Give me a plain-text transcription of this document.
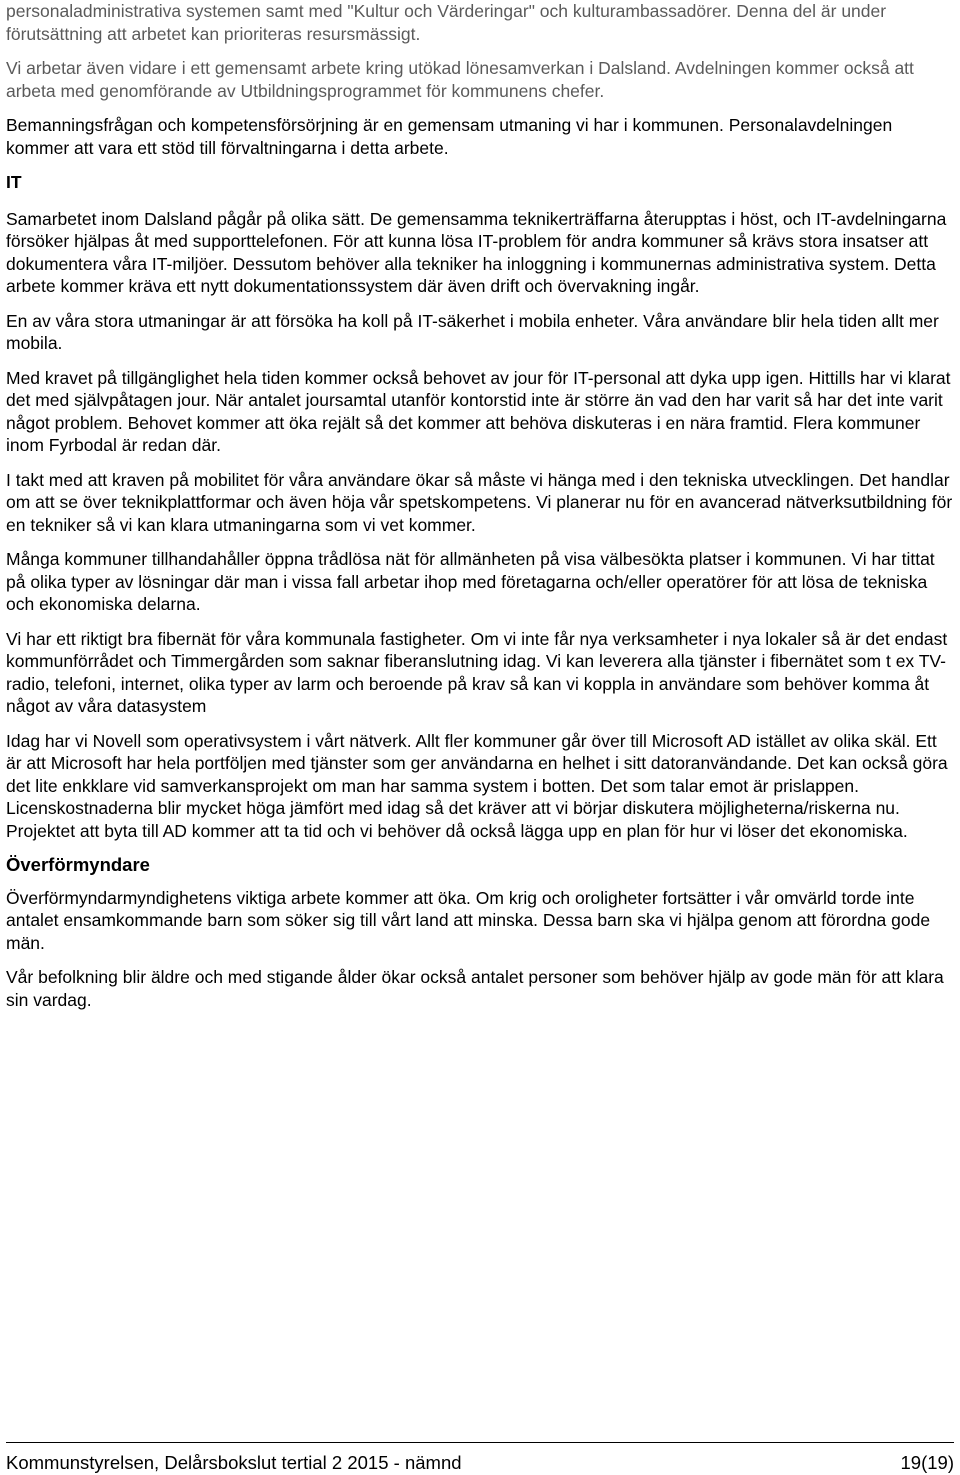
personaladministrativa systemen samt med "Kultur och Värderingar" och kulturambassadörer. Denna del är under förutsättning att arbetet kan prioriteras resursmässigt.

Vi arbetar även vidare i ett gemensamt arbete kring utökad lönesamverkan i Dalsland. Avdelningen kommer också att arbeta med genomförande av Utbildningsprogrammet för kommunens chefer.

Bemanningsfrågan och kompetensförsörjning är en gemensam utmaning vi har i kommunen. Personalavdelningen kommer att vara ett stöd till förvaltningarna i detta arbete.

IT

Samarbetet inom Dalsland pågår på olika sätt. De gemensamma teknikerträffarna återupptas i höst, och IT-avdelningarna försöker hjälpas åt med supporttelefonen. För att kunna lösa IT-problem för andra kommuner så krävs stora insatser att dokumentera våra IT-miljöer. Dessutom behöver alla tekniker ha inloggning i kommunernas administrativa system. Detta arbete kommer kräva ett nytt dokumentationssystem där även drift och övervakning ingår.

En av våra stora utmaningar är att försöka ha koll på IT-säkerhet i mobila enheter. Våra användare blir hela tiden allt mer mobila.

Med kravet på tillgänglighet hela tiden kommer också behovet av jour för IT-personal att dyka upp igen. Hittills har vi klarat det med självpåtagen jour. När antalet joursamtal utanför kontorstid inte är större än vad den har varit så har det inte varit något problem. Behovet kommer att öka rejält så det kommer att behöva diskuteras i en nära framtid. Flera kommuner inom Fyrbodal är redan där.

I takt med att kraven på mobilitet för våra användare ökar så måste vi hänga med i den tekniska utvecklingen. Det handlar om att se över teknikplattformar och även höja vår spetskompetens. Vi planerar nu för en avancerad nätverksutbildning för en tekniker så vi kan klara utmaningarna som vi vet kommer.

Många kommuner tillhandahåller öppna trådlösa nät för allmänheten på visa välbesökta platser i kommunen. Vi har tittat på olika typer av lösningar där man i vissa fall arbetar ihop med företagarna och/eller operatörer för att lösa de tekniska och ekonomiska delarna.

Vi har ett riktigt bra fibernät för våra kommunala fastigheter. Om vi inte får nya verksamheter i nya lokaler så är det endast kommunförrådet och Timmergården som saknar fiberanslutning idag. Vi kan leverera alla tjänster i fibernätet som t ex TV-radio, telefoni, internet, olika typer av larm och beroende på krav så kan vi koppla in användare som behöver komma åt något av våra datasystem

Idag har vi Novell som operativsystem i vårt nätverk. Allt fler kommuner går över till Microsoft AD istället av olika skäl. Ett är att Microsoft har hela portföljen med tjänster som ger användarna en helhet i sitt datoranvändande. Det kan också göra det lite enkklare vid samverkansprojekt om man har samma system i botten. Det som talar emot är prislappen. Licenskostnaderna blir mycket höga jämfört med idag så det kräver att vi börjar diskutera möjligheterna/riskerna nu. Projektet att byta till AD kommer att ta tid och vi behöver då också lägga upp en plan för hur vi löser det ekonomiska.

Överförmyndare

Överförmyndarmyndighetens viktiga arbete kommer att öka. Om krig och oroligheter fortsätter i vår omvärld torde inte antalet ensamkommande barn som söker sig till vårt land att minska. Dessa barn ska vi hjälpa genom att förordna gode män.

Vår befolkning blir äldre och med stigande ålder ökar också antalet personer som behöver hjälp av gode män för att klara sin vardag.

Kommunstyrelsen, Delårsbokslut tertial 2 2015 - nämnd	19(19)
